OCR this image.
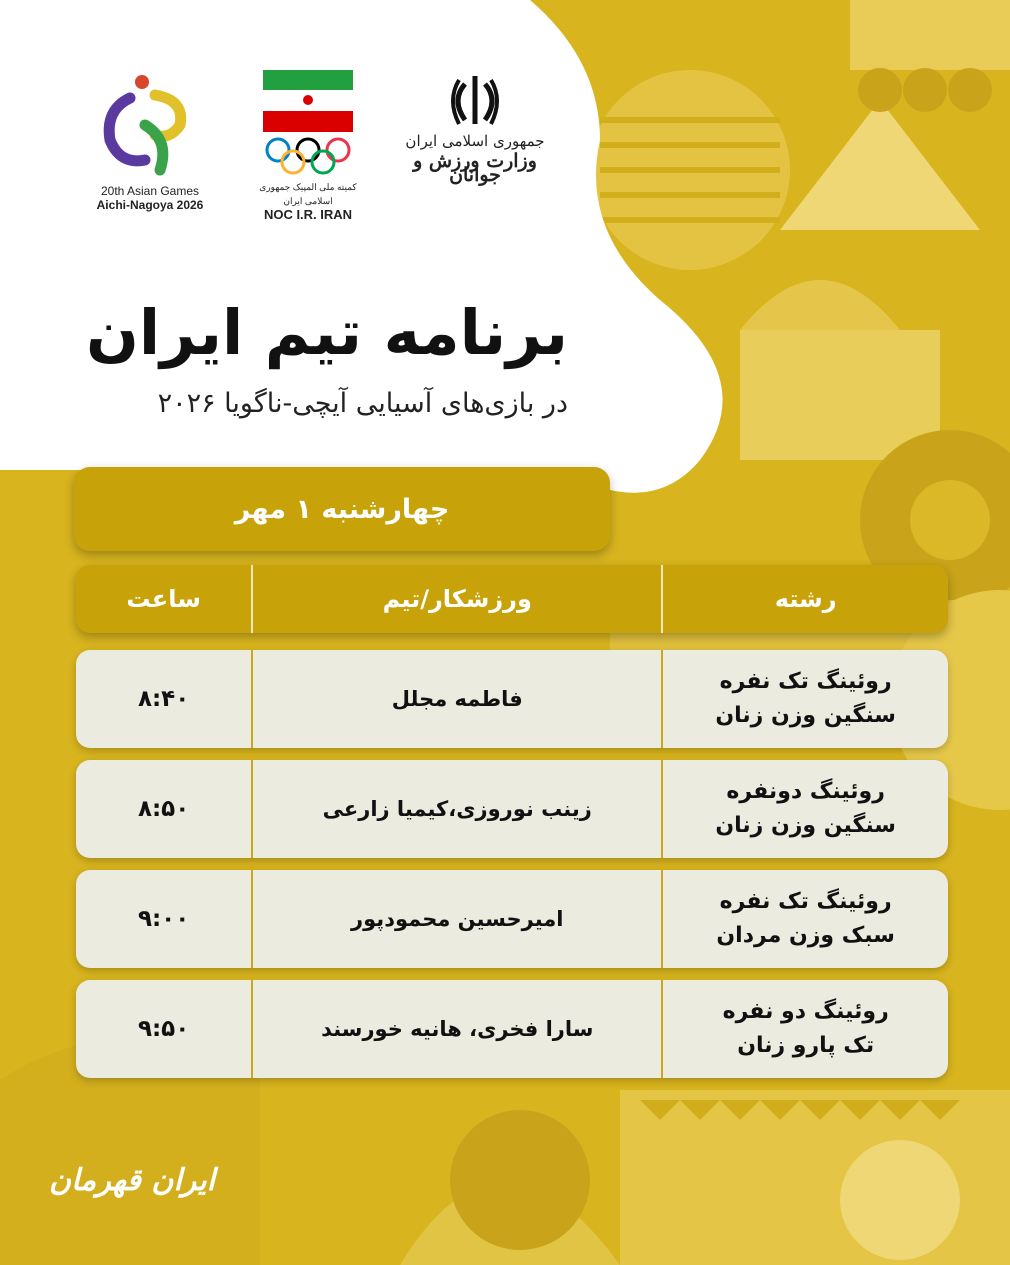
20th Asian Games
Aichi-Nagoya 2026

کمیته ملی المپیک جمهوری اسلامی ایران
NOC I.R. IRAN
جمهوری اسلامی ایران
وزارت ورزش و جوانان
برنامه تیم ایران
در بازی‌های آسیایی آیچی-ناگویا ۲۰۲۶
چهارشنبه ۱ مهر
رشته
ورزشکار/تیم
ساعت
روئینگ تک نفره
سنگین وزن زنان
فاطمه مجلل
۸:۴۰
روئینگ دونفره
سنگین وزن زنان
زینب نوروزی،کیمیا زارعی
۸:۵۰
روئینگ تک نفره
سبک وزن مردان
امیرحسین محمودپور
۹:۰۰
روئینگ دو نفره
تک پارو زنان
سارا فخری، هانیه خورسند
۹:۵۰
ایران قهرمان
